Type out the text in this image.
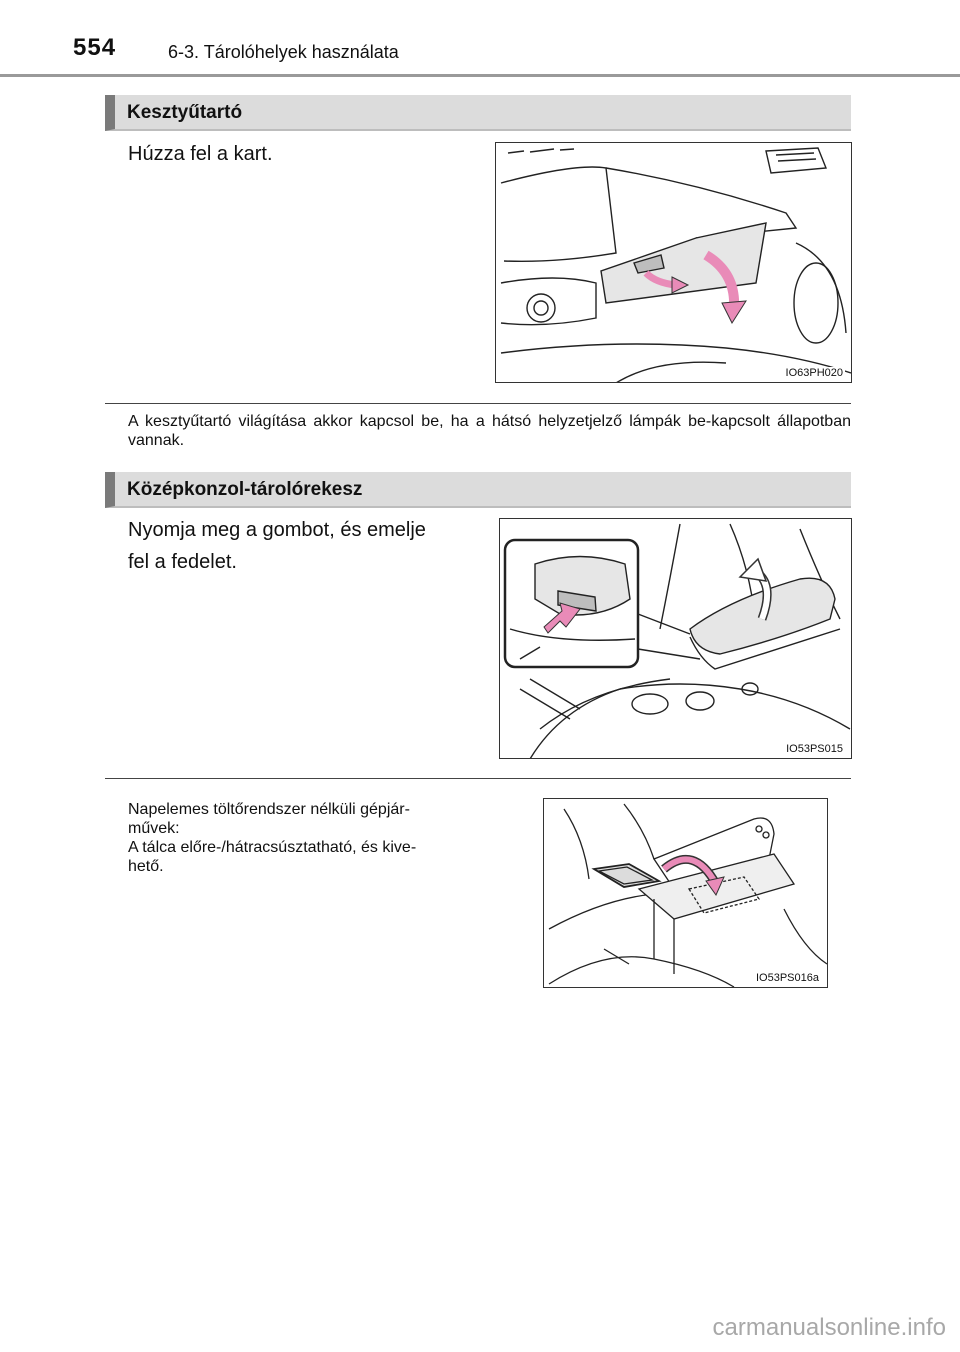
554	6-3. Tárolóhelyek használata
Kesztyűtartó
Húzza fel a kart.
IO63PH020
A kesztyűtartó világítása akkor kapcsol be, ha a hátsó helyzetjelző lámpák be-kapcsolt állapotban vannak.
Középkonzol-tárolórekesz
Nyomja meg a gombot, és emelje
fel a fedelet.
IO53PS015
Napelemes töltőrendszer nélküli gépjár-
művek:
A tálca előre-/hátracsúsztatható, és kive-
hető.
IO53PS016a
carmanualsonline.info
